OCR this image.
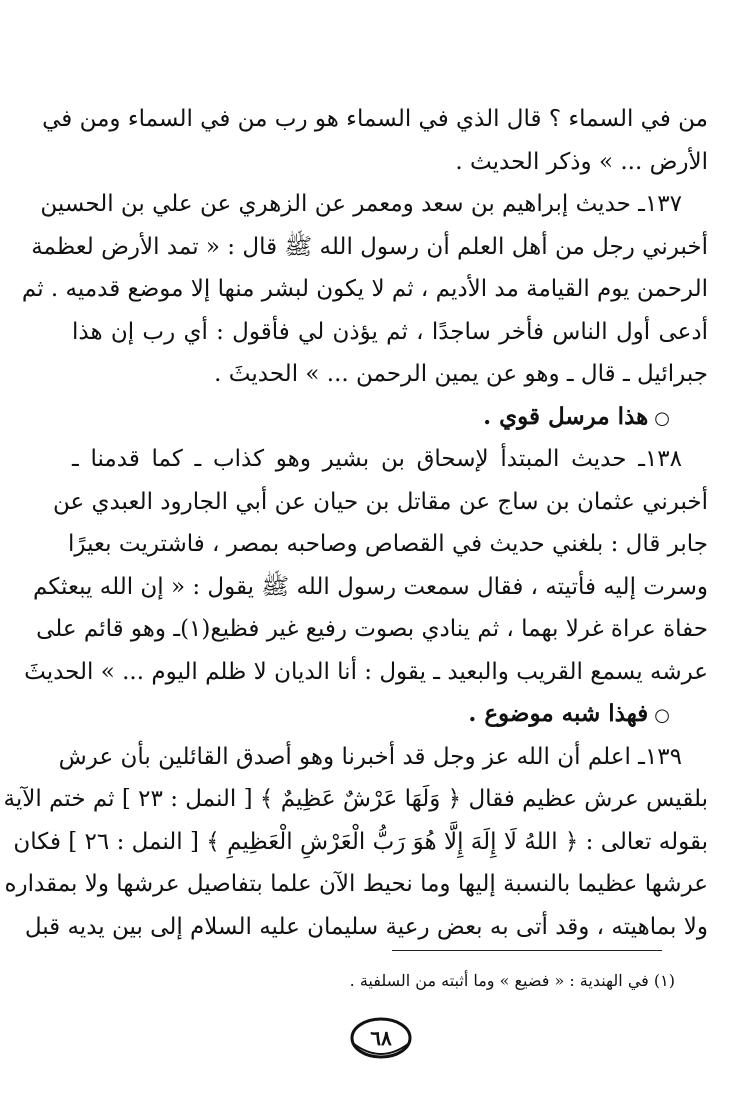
من في السماء ؟ قال الذي في السماء هو رب من في السماء ومن في
الأرض ... » وذكر الحديث .
١٣٧ـ حديث إبراهيم بن سعد ومعمر عن الزهري عن علي بن الحسين
أخبرني رجل من أهل العلم أن رسول الله ﷺ قال : « تمد الأرض لعظمة
الرحمن يوم القيامة مد الأديم ، ثم لا يكون لبشر منها إلا موضع قدميه . ثم
أدعى أول الناس فأخر ساجدًا ، ثم يؤذن لي فأقول : أي رب إن هذا
جبرائيل ـ قال ـ وهو عن يمين الرحمن ... » الحديثَ .
○هذا مرسل قوي .
١٣٨ـ حديث المبتدأ لإسحاق بن بشير وهو كذاب ـ كما قدمنا ـ
أخبرني عثمان بن ساج عن مقاتل بن حيان عن أبي الجارود العبدي عن
جابر قال : بلغني حديث في القصاص وصاحبه بمصر ، فاشتريت بعيرًا
وسرت إليه فأتيته ، فقال سمعت رسول الله ﷺ يقول : « إن الله يبعثكم
حفاة عراة غرلا بهما ، ثم ينادي بصوت رفيع غير فظيع(١)ـ وهو قائم على
عرشه يسمع القريب والبعيد ـ يقول : أنا الديان لا ظلم اليوم ... » الحديثَ
○فهذا شبه موضوع .
١٣٩ـ اعلم أن الله عز وجل قد أخبرنا وهو أصدق القائلين بأن عرش
بلقيس عرش عظيم فقال ﴿ وَلَهَا عَرْشٌ عَظِيمٌ ﴾ [ النمل : ٢٣ ] ثم ختم الآية
بقوله تعالى : ﴿ اللهُ لَا إِلَهَ إِلَّا هُوَ رَبُّ الْعَرْشِ الْعَظِيمِ ﴾ [ النمل : ٢٦ ] فكان
عرشها عظيما بالنسبة إليها وما نحيط الآن علما بتفاصيل عرشها ولا بمقداره
ولا بماهيته ، وقد أتى به بعض رعية سليمان عليه السلام إلى بين يديه قبل
(١) في الهندية : « فضيع » وما أثبته من السلفية .
٦٨
